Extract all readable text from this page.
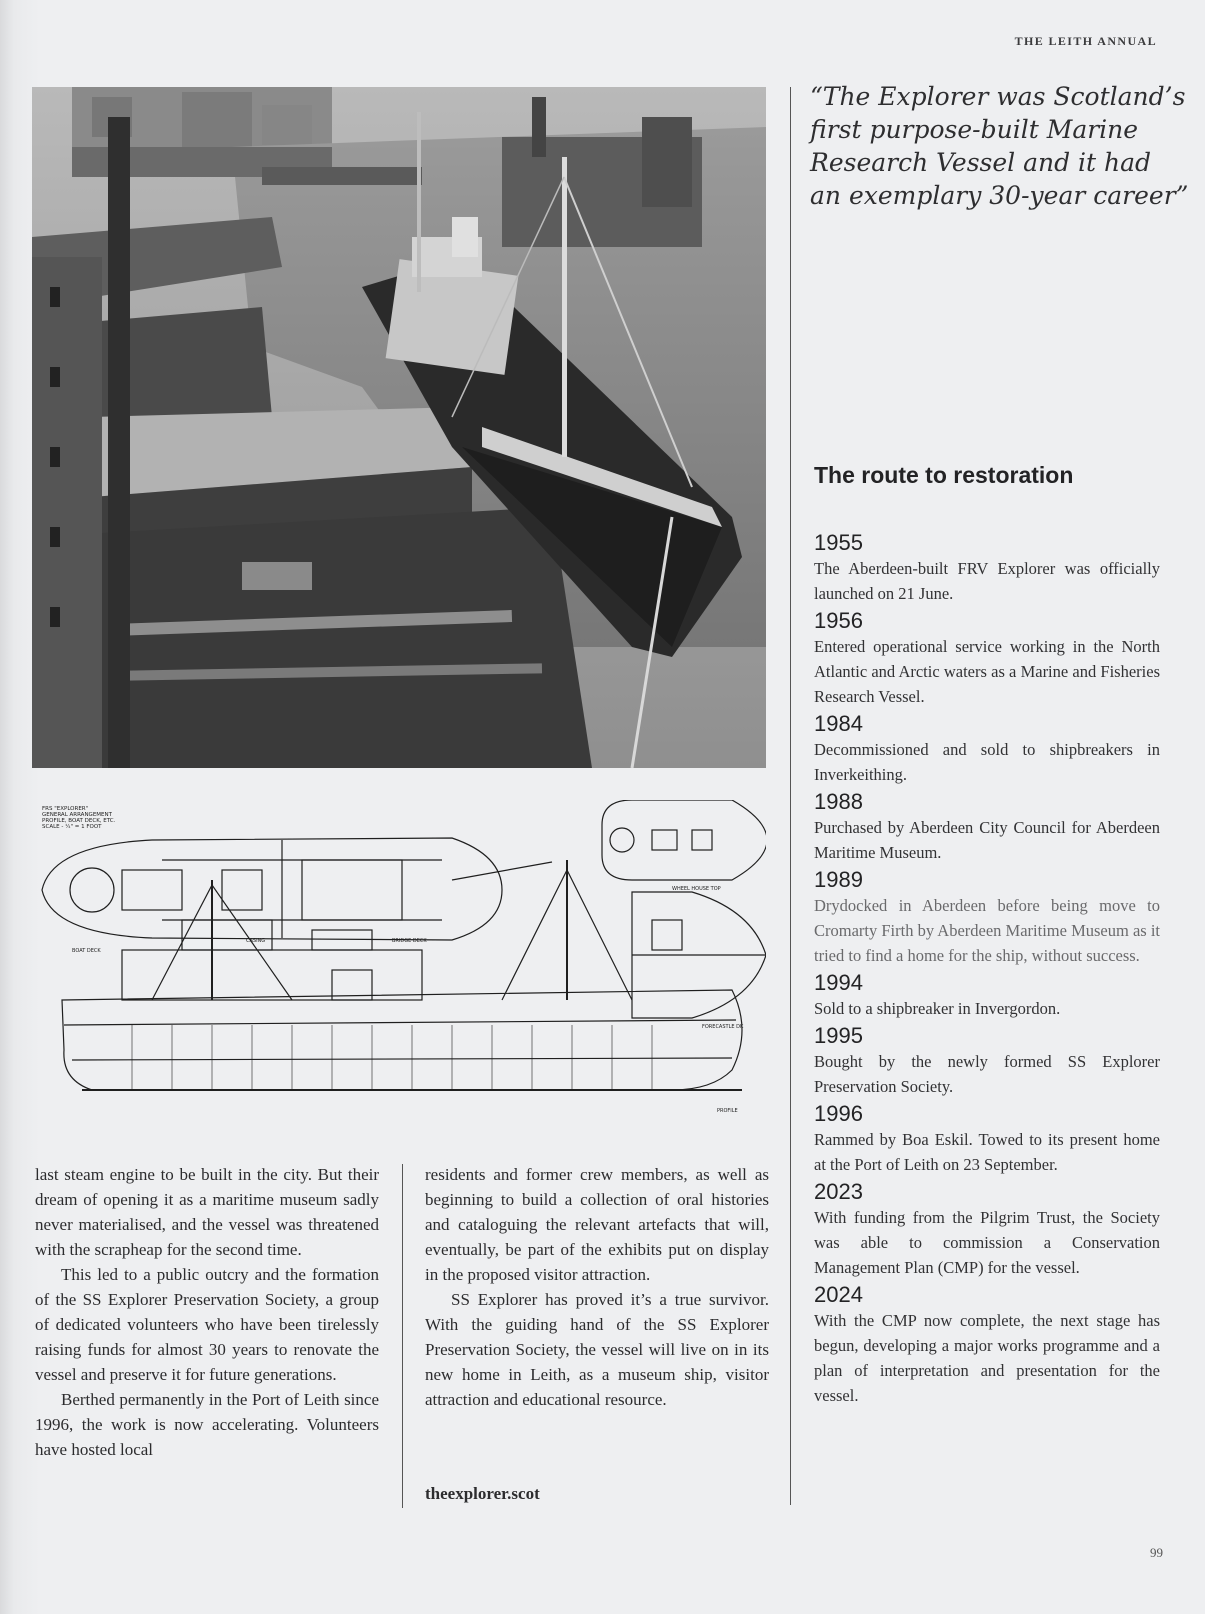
THE LEITH ANNUAL
BOAT DECK
CASING	BRIDGE DECK
WHEEL HOUSE TOP
FORECASTLE DK
PROFILE
FRS "EXPLORER"
GENERAL ARRANGEMENT
PROFILE, BOAT DECK, ETC.
SCALE - ¼" = 1 FOOT
“The Explorer was Scotland’s
first purpose-built Marine
Research Vessel and it had
an exemplary 30-year career”
The route to restoration
1955
The Aberdeen-built FRV Explorer was officially launched on 21 June.
1956
Entered operational service working in the North Atlantic and Arctic waters as a Marine and Fisheries Research Vessel.
1984
Decommissioned and sold to shipbreakers in Inverkeithing.
1988
Purchased by Aberdeen City Council for Aberdeen Maritime Museum.
1989
Drydocked in Aberdeen before being move to Cromarty Firth by Aberdeen Maritime Museum as it tried to find a home for the ship, without success.
1994
Sold to a shipbreaker in Invergordon.
1995
Bought by the newly formed SS Explorer Preservation Society.
1996
Rammed by Boa Eskil. Towed to its present home at the Port of Leith on 23 September.
2023
With funding from the Pilgrim Trust, the Society was able to commission a Conservation Management Plan (CMP) for the vessel.
2024
With the CMP now complete, the next stage has begun, developing a major works programme and a plan of interpretation and presentation for the vessel.

last steam engine to be built in the city. But their dream of opening it as a maritime museum sadly never materialised, and the vessel was threatened with the scrapheap for the second time.

This led to a public outcry and the formation of the SS Explorer Preservation Society, a group of dedicated volunteers who have been tirelessly raising funds for almost 30 years to renovate the vessel and preserve it for future generations.

Berthed permanently in the Port of Leith since 1996, the work is now accelerating. Volunteers have hosted local

residents and former crew members, as well as beginning to build a collection of oral histories and cataloguing the relevant artefacts that will, eventually, be part of the exhibits put on display in the proposed visitor attraction.

SS Explorer has proved it’s a true survivor. With the guiding hand of the SS Explorer Preservation Society, the vessel will live on in its new home in Leith, as a museum ship, visitor attraction and educational resource.

theexplorer.scot
99
